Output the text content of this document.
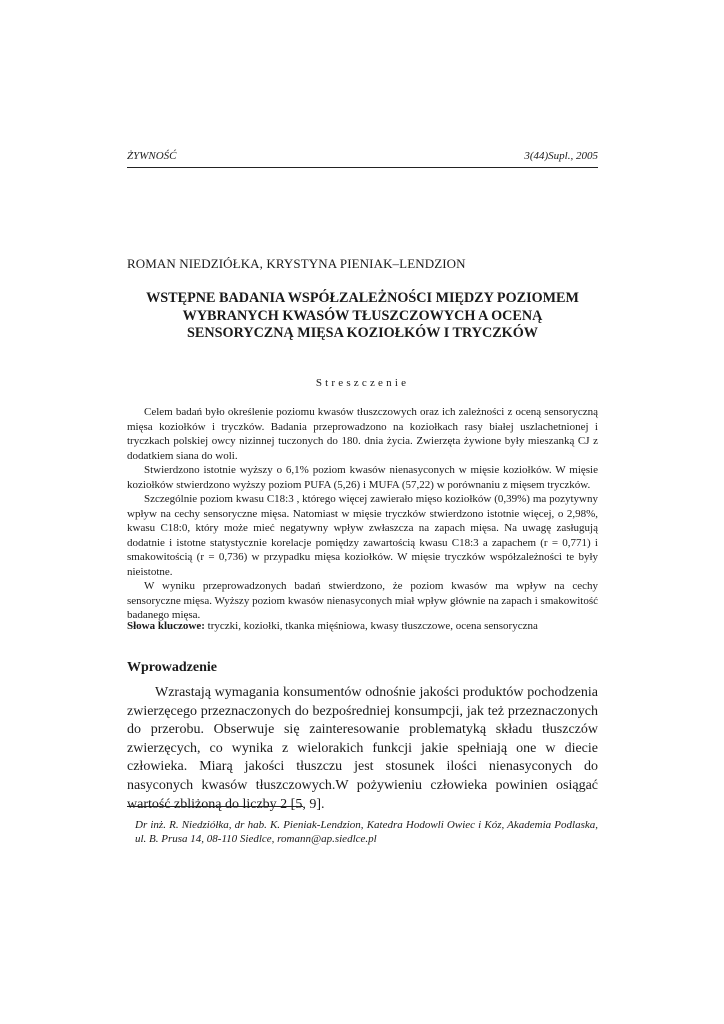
ŻYWNOŚĆ	3(44)Supl., 2005
ROMAN NIEDZIÓŁKA, KRYSTYNA PIENIAK–LENDZION
WSTĘPNE BADANIA WSPÓŁZALEŻNOŚCI MIĘDZY POZIOMEM
WYBRANYCH KWASÓW TŁUSZCZOWYCH A OCENĄ
SENSORYCZNĄ MIĘSA KOZIOŁKÓW I TRYCZKÓW
Streszczenie

Celem badań było określenie poziomu kwasów tłuszczowych oraz ich zależności z oceną sensoryczną mięsa koziołków i tryczków. Badania przeprowadzono na koziołkach rasy białej uszlachetnionej i tryczkach polskiej owcy nizinnej tuczonych do 180. dnia życia. Zwierzęta żywione były mieszanką CJ z dodatkiem siana do woli.

Stwierdzono istotnie wyższy o 6,1% poziom kwasów nienasyconych w mięsie koziołków. W mięsie koziołków stwierdzono wyższy poziom PUFA (5,26) i MUFA (57,22) w porównaniu z mięsem tryczków.

Szczególnie poziom kwasu C18:3 , którego więcej zawierało mięso koziołków (0,39%) ma pozytywny wpływ na cechy sensoryczne mięsa. Natomiast w mięsie tryczków stwierdzono istotnie więcej, o 2,98%, kwasu C18:0, który może mieć negatywny wpływ zwłaszcza na zapach mięsa. Na uwagę zasługują dodatnie i istotne statystycznie korelacje pomiędzy zawartością kwasu C18:3 a zapachem (r = 0,771) i smakowitością (r = 0,736) w przypadku mięsa koziołków. W mięsie tryczków współzależności te były nieistotne.

W wyniku przeprowadzonych badań stwierdzono, że poziom kwasów ma wpływ na cechy sensoryczne mięsa. Wyższy poziom kwasów nienasyconych miał wpływ głównie na zapach i smakowitość badanego mięsa.

Słowa kluczowe: tryczki, koziołki, tkanka mięśniowa, kwasy tłuszczowe, ocena sensoryczna
Wprowadzenie

Wzrastają wymagania konsumentów odnośnie jakości produktów pochodzenia zwierzęcego przeznaczonych do bezpośredniej konsumpcji, jak też przeznaczonych do przerobu. Obserwuje się zainteresowanie problematyką składu tłuszczów zwierzęcych, co wynika z wielorakich funkcji jakie spełniają one w diecie człowieka. Miarą jakości tłuszczu jest stosunek ilości nienasyconych do nasyconych kwasów tłuszczowych.W pożywieniu człowieka powinien osiągać wartość zbliżoną do liczby 2 [5, 9].

Dr inż. R. Niedziółka, dr hab. K. Pieniak-Lendzion, Katedra Hodowli Owiec i Kóz, Akademia Podlaska, ul. B. Prusa 14, 08-110 Siedlce, romann@ap.siedlce.pl
